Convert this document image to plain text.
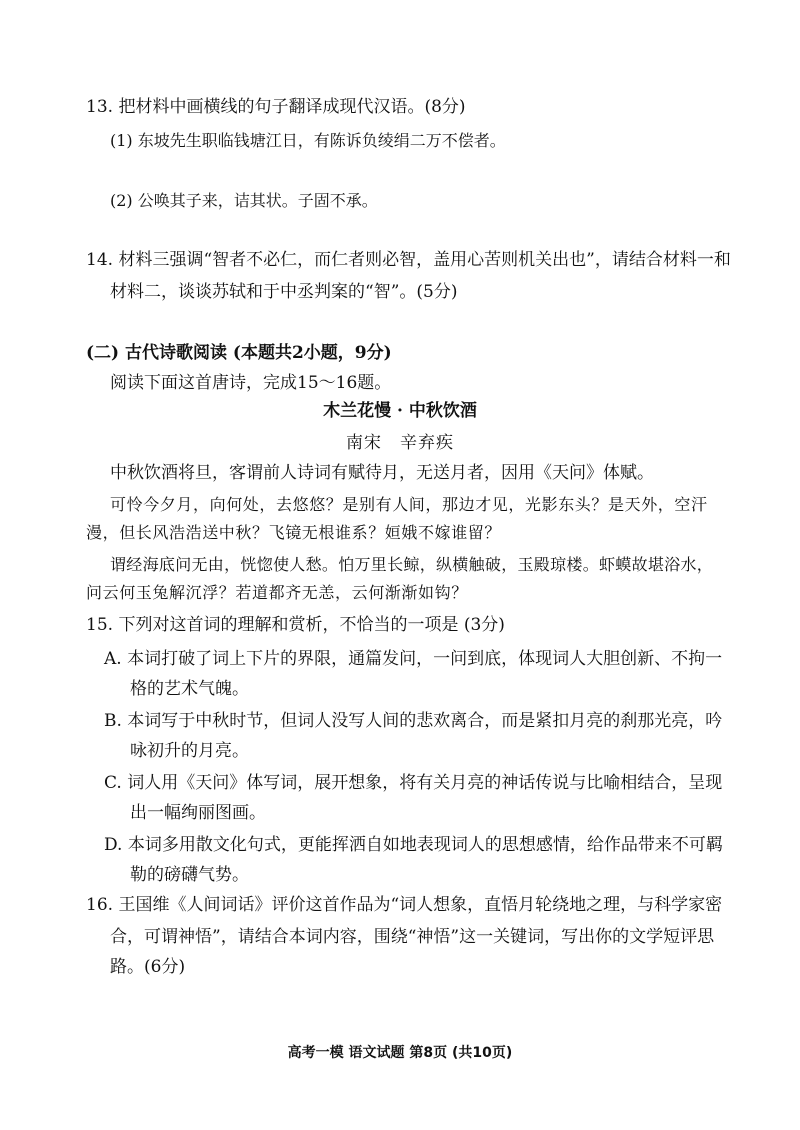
13. 把材料中画横线的句子翻译成现代汉语。(8分)
(1) 东坡先生职临钱塘江日，有陈诉负绫绢二万不偿者。
(2) 公唤其子来，诘其状。子固不承。
14. 材料三强调“智者不必仁，而仁者则必智，盖用心苦则机关出也”，请结合材料一和
材料二，谈谈苏轼和于中丞判案的“智”。(5分)
(二) 古代诗歌阅读 (本题共2小题，9分)
阅读下面这首唐诗，完成15～16题。
木兰花慢 · 中秋饮酒
南宋　辛弃疾
中秋饮酒将旦，客谓前人诗词有赋待月，无送月者，因用《天问》体赋。
可怜今夕月，向何处，去悠悠？是别有人间，那边才见，光影东头？是天外，空汗
漫，但长风浩浩送中秋？飞镜无根谁系？姮娥不嫁谁留？
谓经海底问无由，恍惚使人愁。怕万里长鲸，纵横触破，玉殿琼楼。虾蟆故堪浴水，
问云何玉兔解沉浮？若道都齐无恙，云何渐渐如钩？
15. 下列对这首词的理解和赏析，不恰当的一项是 (3分)
A. 本词打破了词上下片的界限，通篇发问，一问到底，体现词人大胆创新、不拘一
格的艺术气魄。
B. 本词写于中秋时节，但词人没写人间的悲欢离合，而是紧扣月亮的刹那光亮，吟
咏初升的月亮。
C. 词人用《天问》体写词，展开想象，将有关月亮的神话传说与比喻相结合，呈现
出一幅绚丽图画。
D. 本词多用散文化句式，更能挥洒自如地表现词人的思想感情，给作品带来不可羁
勒的磅礴气势。
16. 王国维《人间词话》评价这首作品为“词人想象，直悟月轮绕地之理，与科学家密
合，可谓神悟”，请结合本词内容，围绕“神悟”这一关键词，写出你的文学短评思
路。(6分)
高考一模 语文试题 第8页 (共10页)
